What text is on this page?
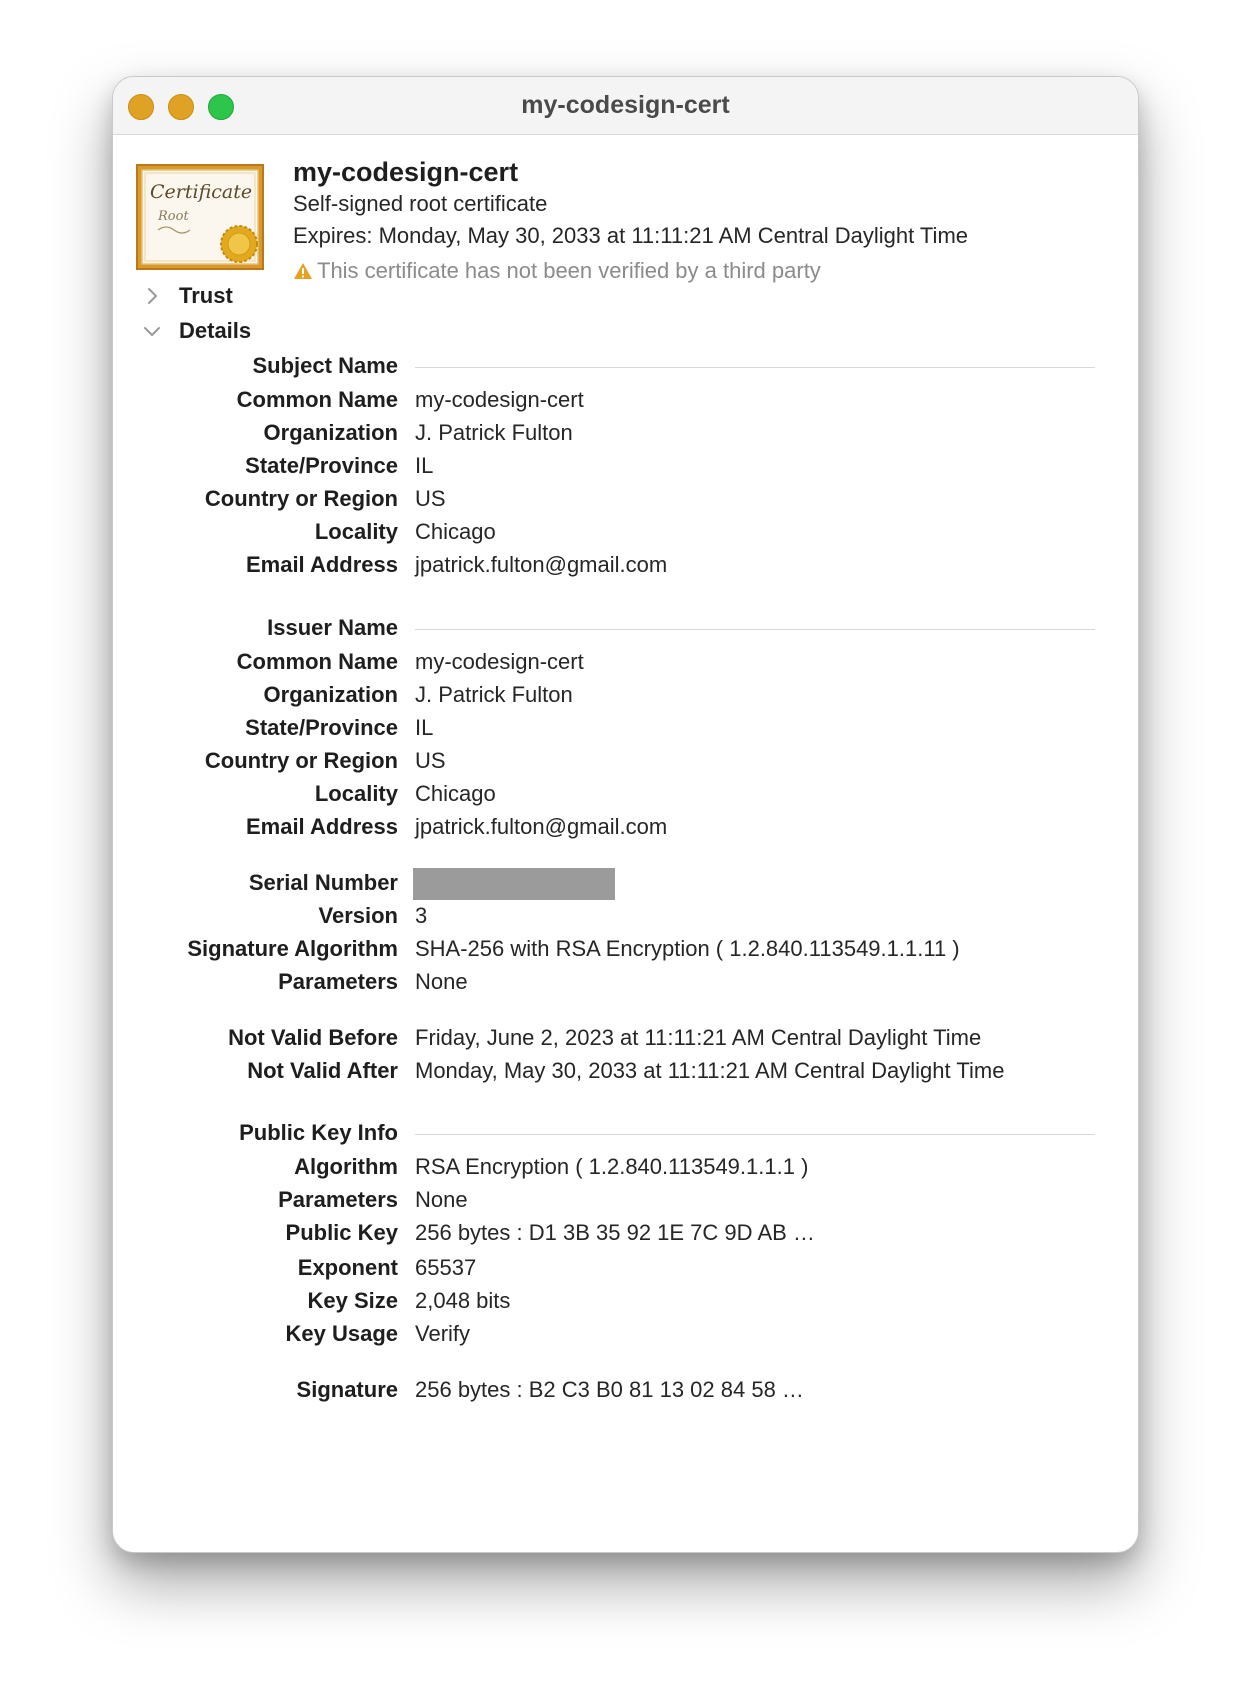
my-codesign-cert
Certificate
Root
my-codesign-cert
Self-signed root certificate
Expires: Monday, May 30, 2033 at 11:11:21 AM Central Daylight Time
This certificate has not been verified by a third party
Trust
Details
Subject Name
Common Name my-codesign-cert
Organization J. Patrick Fulton
State/Province IL
Country or Region US
Locality Chicago
Email Address jpatrick.fulton@gmail.com
Issuer Name
Common Name my-codesign-cert
Organization J. Patrick Fulton
State/Province IL
Country or Region US
Locality Chicago
Email Address jpatrick.fulton@gmail.com
Serial Number
Version 3
Signature Algorithm SHA-256 with RSA Encryption ( 1.2.840.113549.1.1.11 )
Parameters None
Not Valid Before Friday, June 2, 2023 at 11:11:21 AM Central Daylight Time
Not Valid After Monday, May 30, 2033 at 11:11:21 AM Central Daylight Time
Public Key Info
Algorithm RSA Encryption ( 1.2.840.113549.1.1.1 )
Parameters None
Public Key 256 bytes : D1 3B 35 92 1E 7C 9D AB …
Exponent 65537
Key Size 2,048 bits
Key Usage Verify
Signature 256 bytes : B2 C3 B0 81 13 02 84 58 …
